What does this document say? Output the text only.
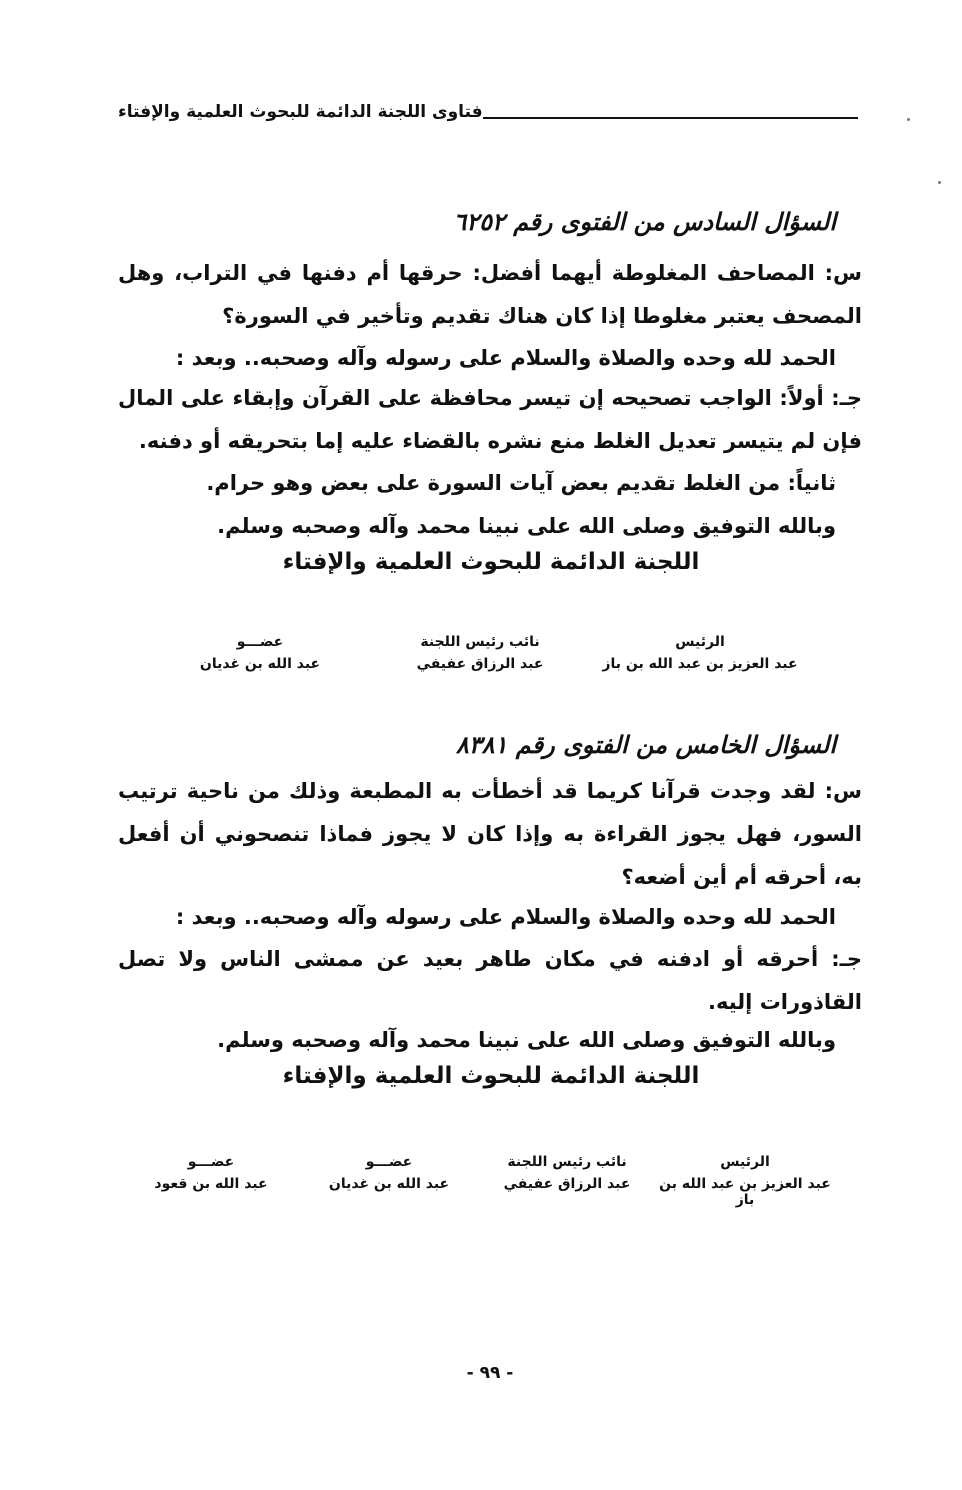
فتاوى اللجنة الدائمة للبحوث العلمية والإفتاء
السؤال السادس من الفتوى رقم ٦٢٥٢
س: المصاحف المغلوطة أيهما أفضل: حرقها أم دفنها في التراب، وهل المصحف يعتبر مغلوطا إذا كان هناك تقديم وتأخير في السورة؟
الحمد لله وحده والصلاة والسلام على رسوله وآله وصحبه.. وبعد :
جـ: أولاً: الواجب تصحيحه إن تيسر محافظة على القرآن وإبقاء على المال فإن لم يتيسر تعديل الغلط منع نشره بالقضاء عليه إما بتحريقه أو دفنه.
ثانياً: من الغلط تقديم بعض آيات السورة على بعض وهو حرام.
وبالله التوفيق وصلى الله على نبينا محمد وآله وصحبه وسلم.
اللجنة الدائمة للبحوث العلمية والإفتاء
عضـــو
عبد الله بن غديان
نائب رئيس اللجنة
عبد الرزاق عفيفي
الرئيس
عبد العزيز بن عبد الله بن باز
السؤال الخامس من الفتوى رقم ٨٣٨١
س: لقد وجدت قرآنا كريما قد أخطأت به المطبعة وذلك من ناحية ترتيب السور، فهل يجوز القراءة به وإذا كان لا يجوز فماذا تنصحوني أن أفعل به، أحرقه أم أين أضعه؟
الحمد لله وحده والصلاة والسلام على رسوله وآله وصحبه.. وبعد :
جـ: أحرقه أو ادفنه في مكان طاهر بعيد عن ممشى الناس ولا تصل القاذورات إليه.
وبالله التوفيق وصلى الله على نبينا محمد وآله وصحبه وسلم.
اللجنة الدائمة للبحوث العلمية والإفتاء
عضـــو
عبد الله بن قعود
عضـــو
عبد الله بن غديان
نائب رئيس اللجنة
عبد الرزاق عفيفي
الرئيس
عبد العزيز بن عبد الله بن باز
- ٩٩ -
